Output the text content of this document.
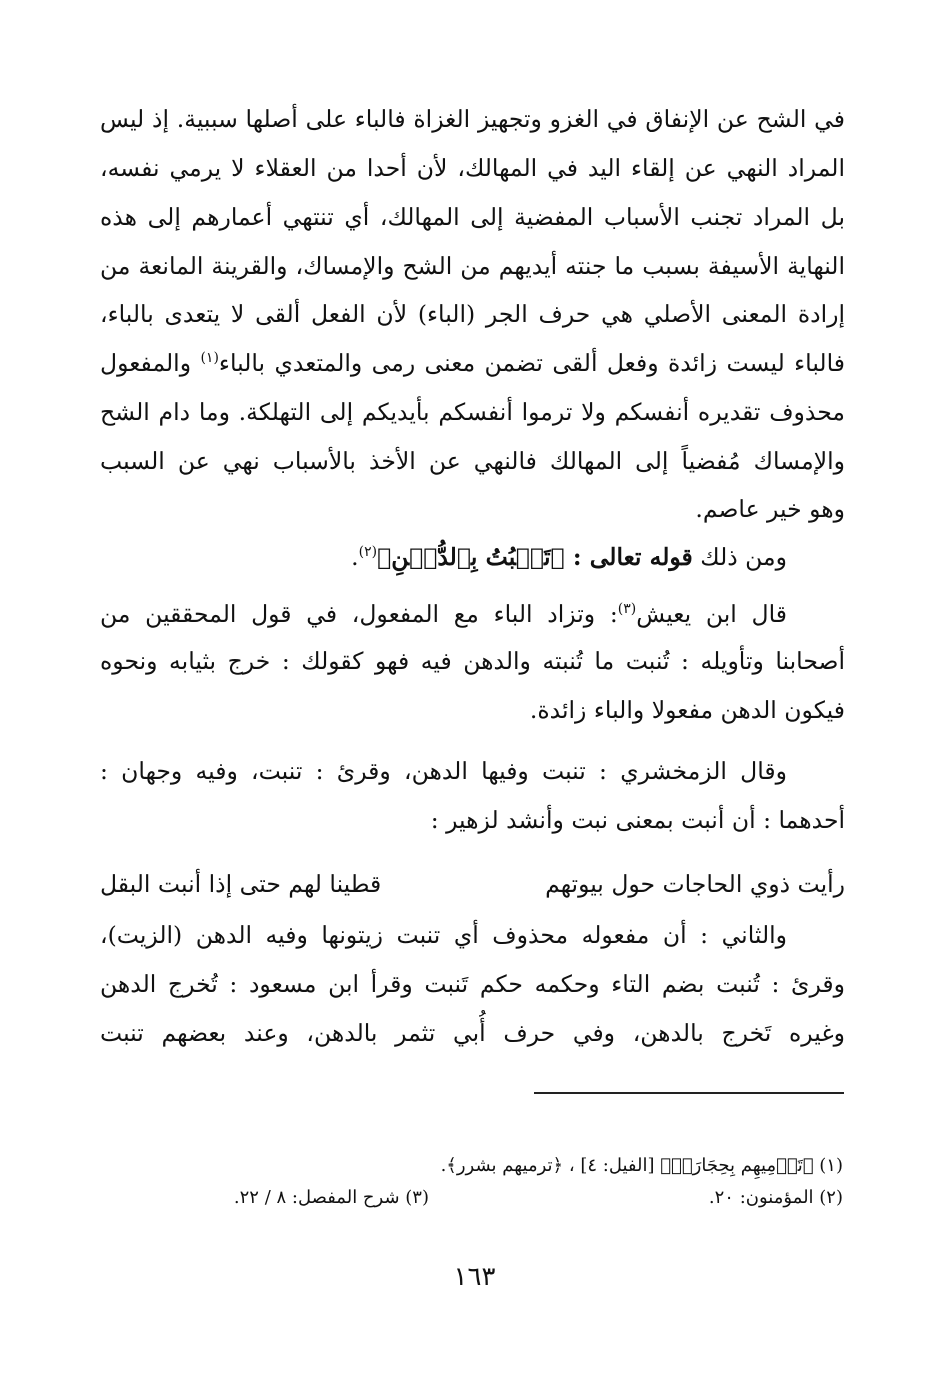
في الشح عن الإنفاق في الغزو وتجهيز الغزاة فالباء على أصلها سببية. إذ ليس
المراد النهي عن إلقاء اليد في المهالك، لأن أحدا من العقلاء لا يرمي نفسه،
بل المراد تجنب الأسباب المفضية إلى المهالك، أي تنتهي أعمارهم إلى هذه
النهاية الأسيفة بسبب ما جنته أيديهم من الشح والإمساك، والقرينة المانعة من
إرادة المعنى الأصلي هي حرف الجر (الباء) لأن الفعل ألقى لا يتعدى بالباء،
فالباء ليست زائدة وفعل ألقى تضمن معنى رمى والمتعدي بالباء$^{(١)}$ والمفعول
محذوف تقديره أنفسكم ولا ترموا أنفسكم بأيديكم إلى التهلكة. وما دام الشح
والإمساك مُفضياً إلى المهالك فالنهي عن الأخذ بالأسباب نهي عن السبب
وهو خير عاصم.
ومن ذلك قوله تعالى : ﴿تَنۢبُتُ بِٱلدُّهۡنِ﴾$^{(٢)}$.
قال ابن يعيش$^{(٣)}$: وتزاد الباء مع المفعول، في قول المحققين من
أصحابنا وتأويله : تُنبت ما تُنبته والدهن فيه فهو كقولك : خرج بثيابه ونحوه
فيكون الدهن مفعولا والباء زائدة.
وقال الزمخشري : تنبت وفيها الدهن، وقرئ : تنبت، وفيه وجهان :
أحدهما : أن أنبت بمعنى نبت وأنشد لزهير :
رأيت ذوي الحاجات حول بيوتهم
قطينا لهم حتى إذا أنبت البقل
والثاني : أن مفعوله محذوف أي تنبت زيتونها وفيه الدهن (الزيت)،
وقرئ : تُنبت بضم التاء وحكمه حكم تَنبت وقرأ ابن مسعود : تُخرج الدهن
وغيره تَخرج بالدهن، وفي حرف أُبي تثمر بالدهن، وعند بعضهم تنبت
(١) ﴿تَرۡمِيهِم بِحِجَارَةٖ﴾ [الفيل: ٤] ، ﴿ترميهم بشرر﴾.
(٢) المؤمنون: ٢٠.
(٣) شرح المفصل: ٨ / ٢٢.
١٦٣
